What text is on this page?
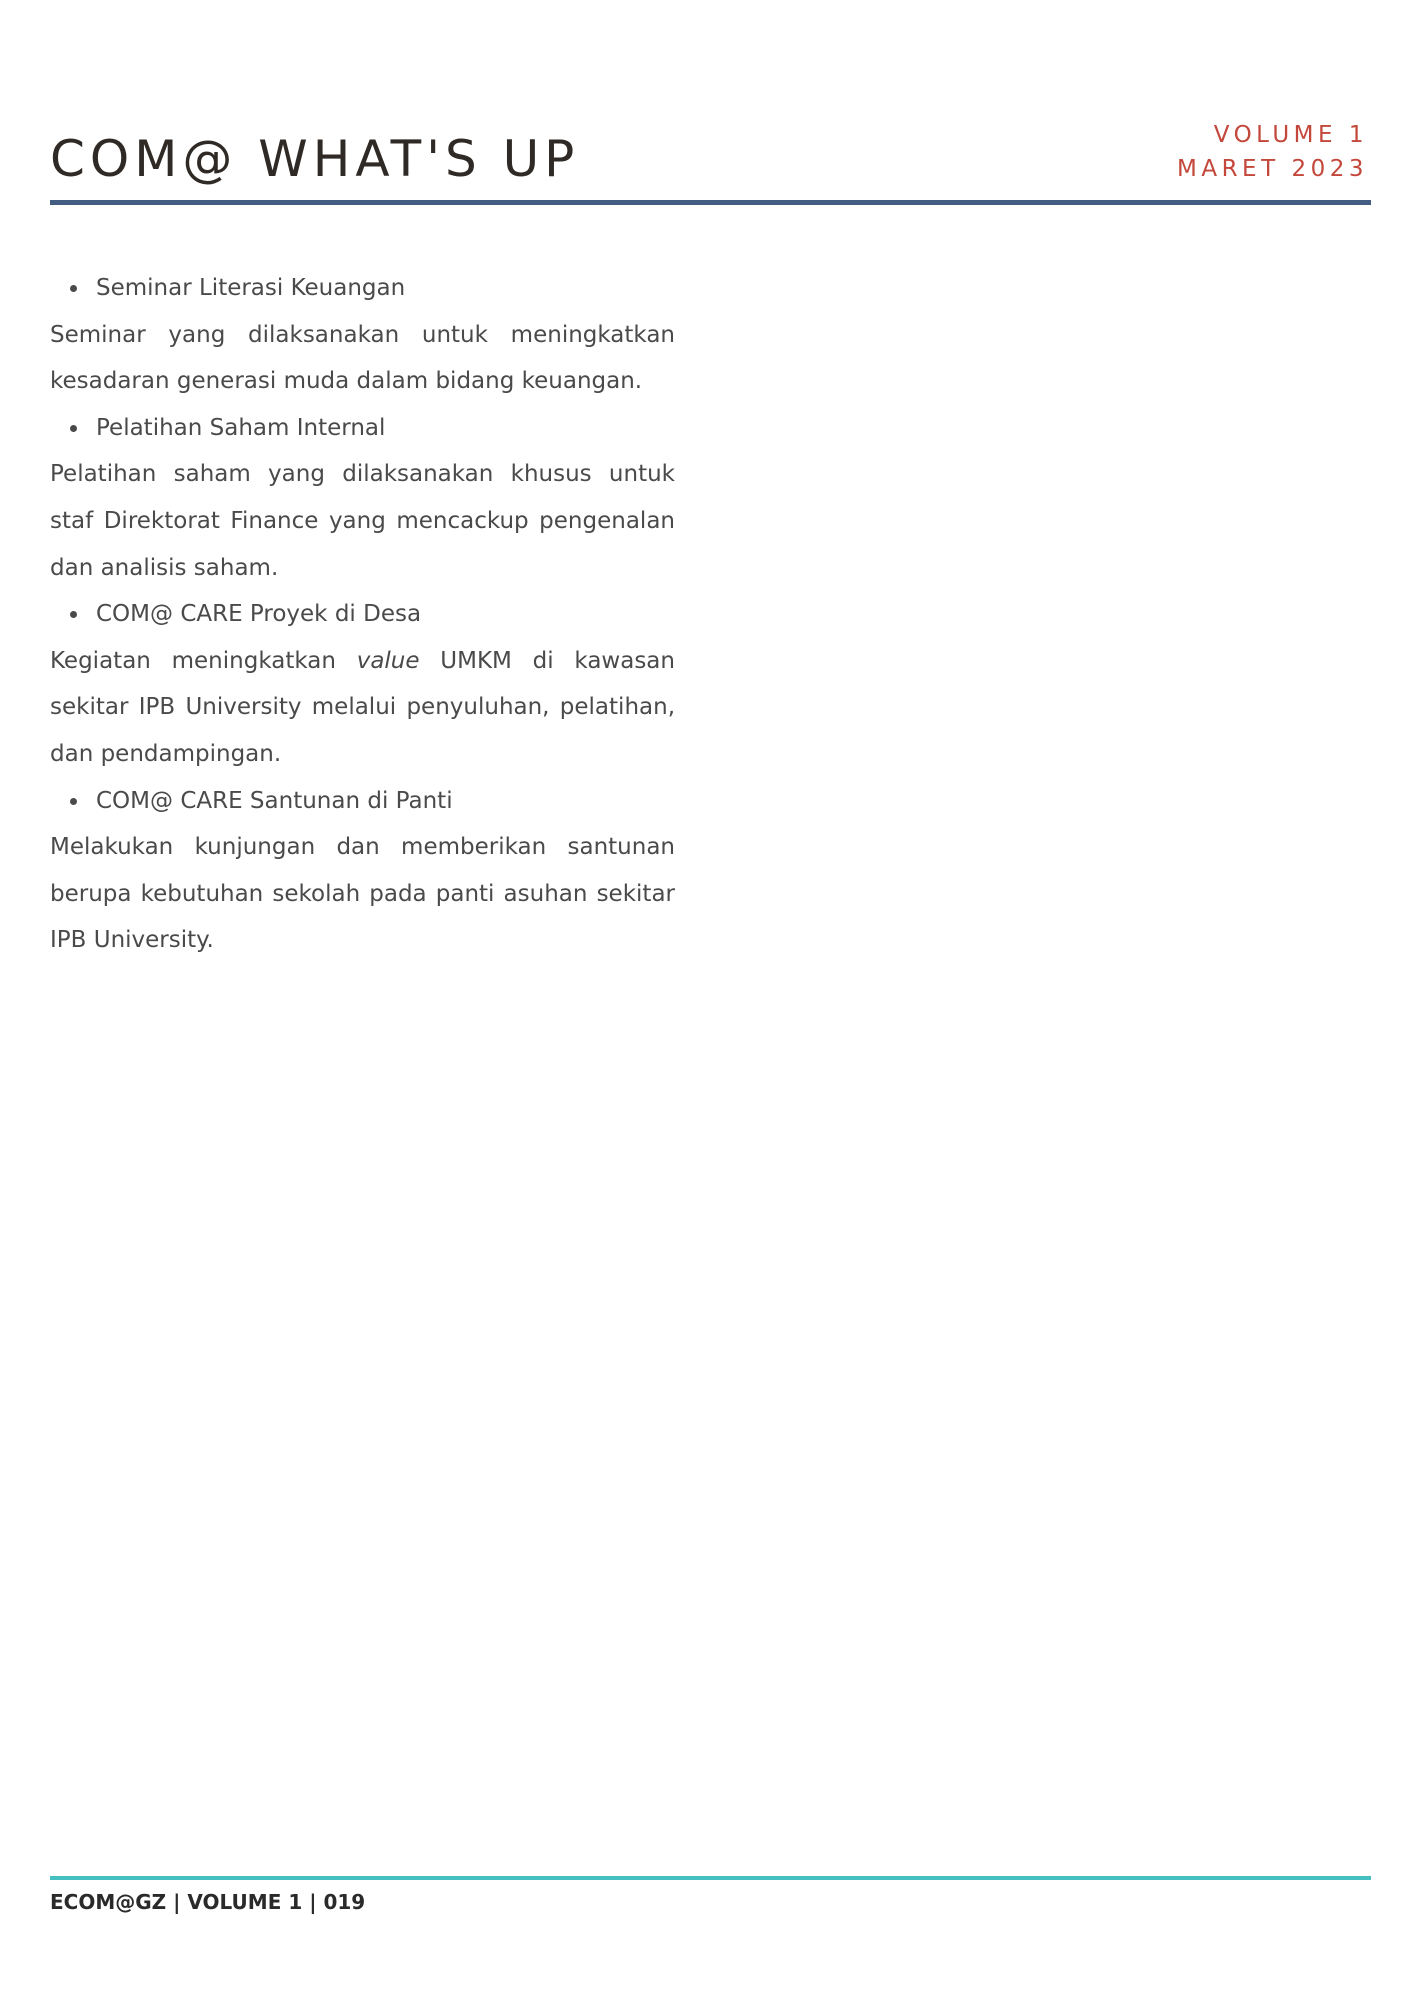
COM@ WHAT'S UP	VOLUME 1
MARET 2023
Seminar Literasi Keuangan

Seminar yang dilaksanakan untuk meningkatkan kesadaran generasi muda dalam bidang keuangan.

Pelatihan Saham Internal

Pelatihan saham yang dilaksanakan khusus untuk staf Direktorat Finance yang mencackup pengenalan dan analisis saham.

COM@ CARE Proyek di Desa

Kegiatan meningkatkan value UMKM di kawasan sekitar IPB University melalui penyuluhan, pelatihan, dan pendampingan.

COM@ CARE Santunan di Panti

Melakukan kunjungan dan memberikan santunan berupa kebutuhan sekolah pada panti asuhan sekitar IPB University.

ECOM@GZ | VOLUME 1 | 019
